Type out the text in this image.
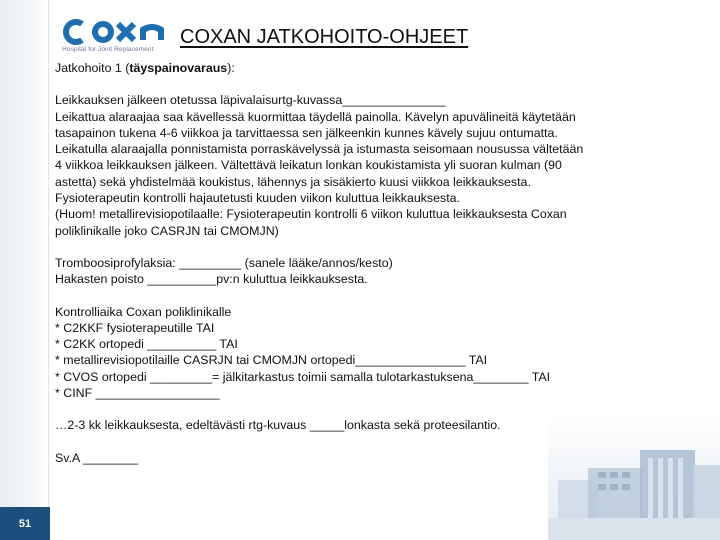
51
Hospital for Joint Replacement
COXAN JATKOHOITO-OHJEET

Jatkohoito 1 (täyspainovaraus):

Leikkauksen jälkeen otetussa läpivalaisurtg-kuvassa_______________

Leikattua alaraajaa saa kävellessä kuormittaa täydellä painolla. Kävelyn apuvälineitä käytetään

tasapainon tukena 4-6 viikkoa ja tarvittaessa sen jälkeenkin kunnes kävely sujuu ontumatta.

Leikatulla alaraajalla ponnistamista porraskävelyssä ja istumasta seisomaan nousussa vältetään

4 viikkoa leikkauksen jälkeen. Vältettävä leikatun lonkan koukistamista yli suoran kulman (90

astetta) sekä yhdistelmää koukistus, lähennys ja sisäkierto kuusi viikkoa leikkauksesta.

Fysioterapeutin kontrolli hajautetusti kuuden viikon kuluttua leikkauksesta.

(Huom! metallirevisiopotilaalle: Fysioterapeutin kontrolli 6 viikon kuluttua leikkauksesta Coxan

poliklinikalle joko CASRJN tai CMOMJN)

Tromboosiprofylaksia: _________ (sanele lääke/annos/kesto)

Hakasten poisto __________pv:n kuluttua leikkauksesta.

Kontrolliaika Coxan poliklinikalle

* C2KKF fysioterapeutille TAI

* C2KK ortopedi __________ TAI

* metallirevisiopotilaille CASRJN tai CMOMJN ortopedi________________ TAI

* CVOS ortopedi _________= jälkitarkastus toimii samalla tulotarkastuksena________ TAI

* CINF __________________

…2-3 kk leikkauksesta, edeltävästi rtg-kuvaus _____lonkasta sekä proteesilantio.

Sv.A ________
